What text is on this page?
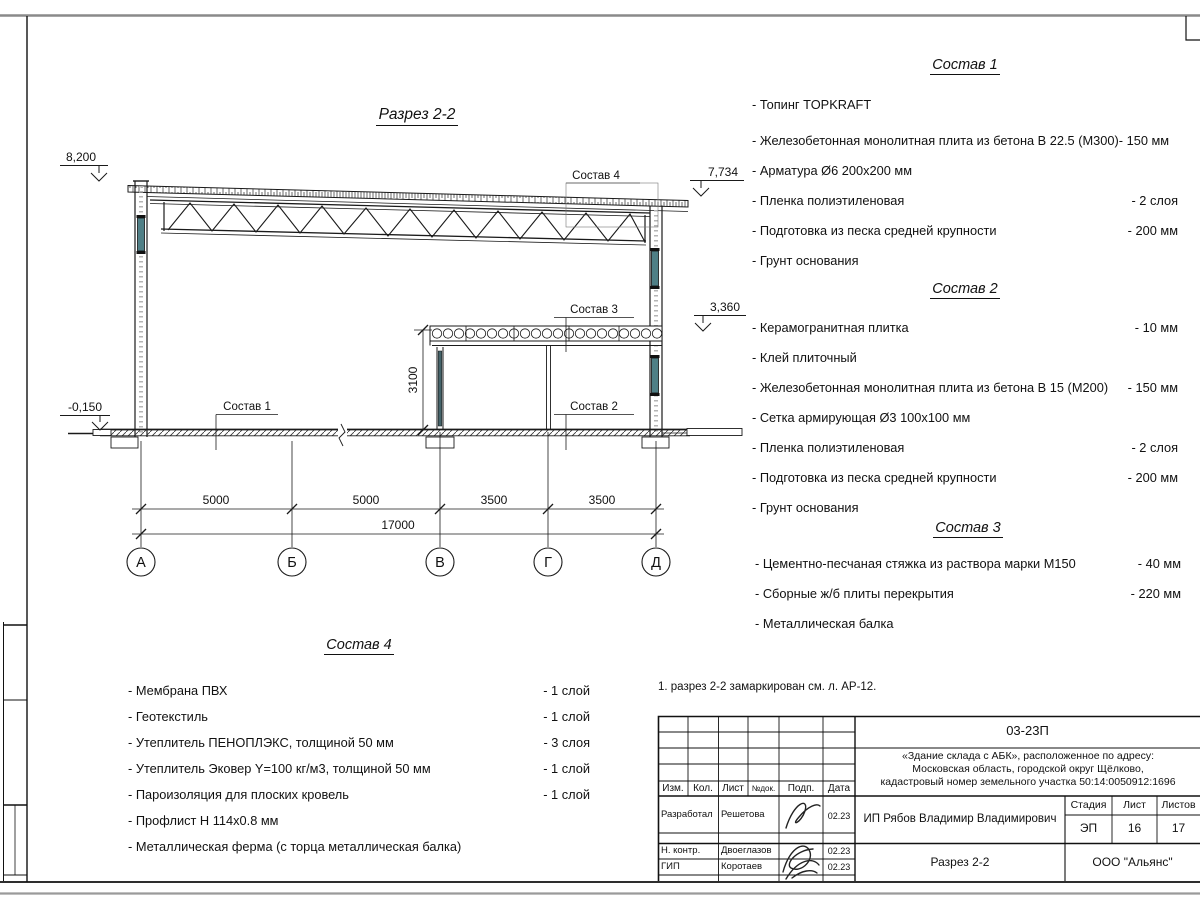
Состав 4
Состав 3
Состав 2
Состав 1
8,200
7,734
3,360
-0,150
5000	5000	3500	3500
17000
3100
А	Б	В	Г	Д
Разрез 2-2
1. разрез 2-2 замаркирован см. л. АР-12.
Состав 1
- Топинг TOPKRAFT
- Железобетонная монолитная плита из бетона В 22.5 (М300)- 150 мм
- Арматура Ø6 200х200 мм
- Пленка полиэтиленовая	- 2 слоя
- Подготовка из песка средней крупности	- 200 мм
- Грунт основания
Состав 2
- Керамогранитная плитка	- 10 мм
- Клей плиточный
- Железобетонная монолитная плита из бетона В 15 (М200) - 150 мм
- Сетка армирующая Ø3 100х100 мм
- Пленка полиэтиленовая	- 2 слоя
- Подготовка из песка средней крупности	- 200 мм
- Грунт основания
Состав 3
- Цементно-песчаная стяжка из раствора марки М150	- 40 мм
- Сборные ж/б плиты перекрытия	- 220 мм
- Металлическая балка
Состав 4
- Мембрана ПВХ	- 1 слой
- Геотекстиль	- 1 слой
- Утеплитель ПЕНОПЛЭКС, толщиной 50 мм	- 3 слоя
- Утеплитель Эковер Y=100 кг/м3, толщиной 50 мм	- 1 слой
- Пароизоляция для плоских кровель	- 1 слой
- Профлист Н 114х0.8 мм
- Металлическая ферма (с торца металлическая балка)
03-23П
«Здание склада с АБК», расположенное по адресу:
Московская область, городской округ Щёлково,
кадастровый номер земельного участка 50:14:0050912:1696
Изм. Кол. Лист №док.	Подп.	Дата
Разработал Решетова	02.23
Н. контр. Двоеглазов	02.23
ГИП	Коротаев	02.23
ИП Рябов Владимир Владимирович
Стадия	Лист	Листов
ЭП	16	17
Разрез 2-2	ООО "Альянс"
